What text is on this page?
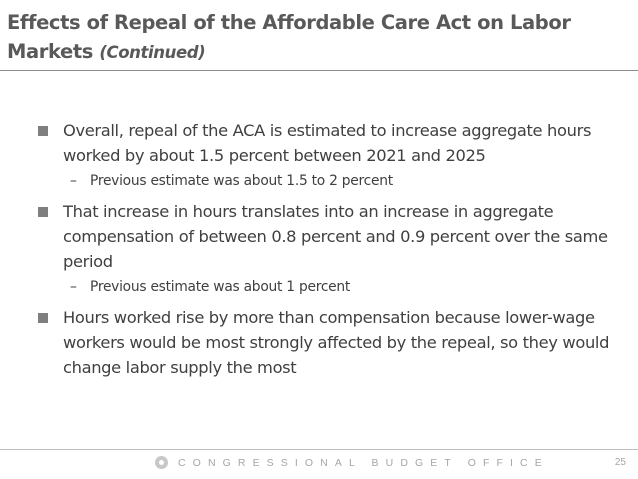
Effects of Repeal of the Affordable Care Act on Labor Markets (Continued)
Overall, repeal of the ACA is estimated to increase aggregate hours worked by about 1.5 percent between 2021 and 2025
– Previous estimate was about 1.5 to 2 percent
That increase in hours translates into an increase in aggregate compensation of between 0.8 percent and 0.9 percent over the same period
– Previous estimate was about 1 percent
Hours worked rise by more than compensation because lower-wage workers would be most strongly affected by the repeal, so they would change labor supply the most
CONGRESSIONAL BUDGET OFFICE	25
